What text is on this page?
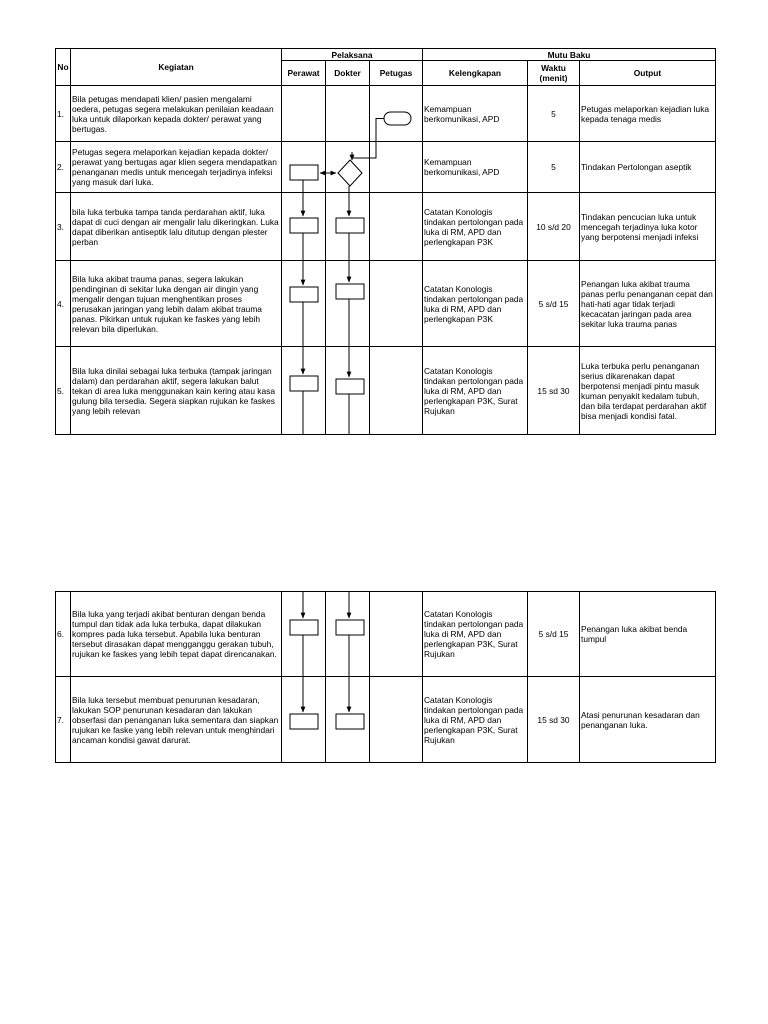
No	Kegiatan	Pelaksana			Mutu Baku		
		Perawat	Dokter	Petugas	Kelengkapan	Waktu (menit)	Output
1.	Bila petugas mendapati klien/ pasien mengalami oedera, petugas segera melakukan penilaian keadaan luka untuk dilaporkan kepada dokter/ perawat yang bertugas.				Kemampuan berkomunikasi, APD	5	Petugas melaporkan kejadian luka kepada tenaga medis
2.	Petugas segera melaporkan kejadian kepada dokter/ perawat yang bertugas agar klien segera mendapatkan penanganan medis untuk mencegah terjadinya infeksi yang masuk dari luka.				Kemampuan berkomunikasi, APD	5	Tindakan Pertolongan aseptik
3.	bila luka terbuka tampa tanda perdarahan aktif, luka dapat di cuci dengan air mengalir lalu dikeringkan. Luka dapat diberikan antiseptik lalu ditutup dengan plester perban				Catatan Konologis tindakan pertolongan pada luka di RM, APD dan perlengkapan P3K	10 s/d 20	Tindakan pencucian luka untuk mencegah terjadinya luka kotor yang berpotensi menjadi infeksi
4.	Bila luka akibat trauma panas, segera lakukan pendinginan di sekitar luka dengan air dingin yang mengalir dengan tujuan menghentikan proses perusakan jaringan yang lebih dalam akibat trauma panas. Pikirkan untuk rujukan ke faskes yang lebih relevan bila diperlukan.				Catatan Konologis tindakan pertolongan pada luka di RM, APD dan perlengkapan P3K	5 s/d 15	Penangan luka akibat trauma panas perlu penanganan cepat dan hati-hati agar tidak terjadi kecacatan jaringan pada area sekitar luka trauma panas
5.	Bila luka dinilai sebagai luka terbuka (tampak jaringan dalam) dan perdarahan aktif, segera lakukan balut tekan di area luka menggunakan kain kering atau kasa gulung bila tersedia. Segera siapkan rujukan ke faskes yang lebih relevan				Catatan Konologis tindakan pertolongan pada luka di RM, APD dan perlengkapan P3K, Surat Rujukan	15 sd 30	Luka terbuka perlu penanganan serius dikarenakan dapat berpotensi menjadi pintu masuk kuman penyakit kedalam tubuh, dan bila terdapat perdarahan aktif bisa menjadi kondisi fatal.
6.	Bila luka yang terjadi akibat benturan dengan benda tumpul dan tidak ada luka terbuka, dapat dilakukan kompres pada luka tersebut. Apabila luka benturan tersebut dirasakan dapat mengganggu gerakan tubuh, rujukan ke faskes yang lebih tepat dapat direncanakan.				Catatan Konologis tindakan pertolongan pada luka di RM, APD dan perlengkapan P3K, Surat Rujukan	5 s/d 15	Penangan luka akibat benda tumpul
7.	Bila luka tersebut membuat penurunan kesadaran, lakukan SOP penurunan kesadaran dan lakukan obserfasi dan penanganan luka sementara dan siapkan rujukan ke faske yang lebih relevan untuk menghindari ancaman kondisi gawat darurat.				Catatan Konologis tindakan pertolongan pada luka di RM, APD dan perlengkapan P3K, Surat Rujukan	15 sd 30	Atasi penurunan kesadaran dan penanganan luka.
